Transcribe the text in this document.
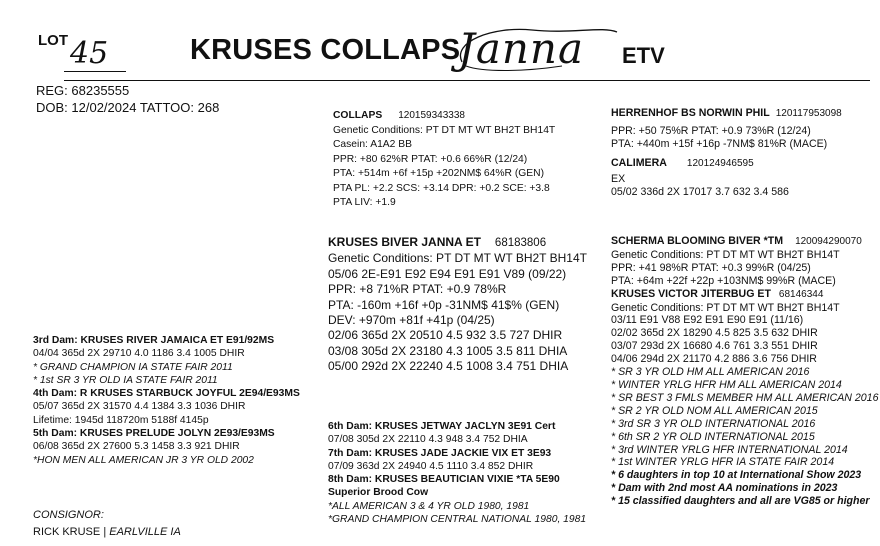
LOT 45	KRUSES COLLAPS
Janna ETV
REG: 68235555
DOB: 12/02/2024 TATTOO: 268
COLLAPS 120159343338
Genetic Conditions: PT DT MT WT BH2T BH14T
Casein: A1A2 BB
PPR: +80 62%R PTAT: +0.6 66%R (12/24)
PTA: +514m +6f +15p +202NM$ 64%R (GEN)
PTA PL: +2.2 SCS: +3.14 DPR: +0.2 SCE: +3.8
PTA LIV: +1.9
KRUSES BIVER JANNA ET 68183806
Genetic Conditions: PT DT MT WT BH2T BH14T
05/06 2E-E91 E92 E94 E91 E91 V89 (09/22)
PPR: +8 71%R PTAT: +0.9 78%R
PTA: -160m +16f +0p -31NM$ 41$% (GEN)
DEV: +970m +81f +41p (04/25)
02/06 365d 2X 20510 4.5 932 3.5 727 DHIR
03/08 305d 2X 23180 4.3 1005 3.5 811 DHIA
05/00 292d 2X 22240 4.5 1008 3.4 751 DHIA
HERRENHOF BS NORWIN PHIL 120117953098
PPR: +50 75%R PTAT: +0.9 73%R (12/24)
PTA: +440m +15f +16p -7NM$ 81%R (MACE)
CALIMERA 120124946595
EX
05/02 336d 2X 17017 3.7 632 3.4 586
SCHERMA BLOOMING BIVER *TM 120094290070
Genetic Conditions: PT DT MT WT BH2T BH14T
PPR: +41 98%R PTAT: +0.3 99%R (04/25)
PTA: +64m +22f +22p +103NM$ 99%R (MACE)
KRUSES VICTOR JITERBUG ET 68146344
Genetic Conditions: PT DT MT WT BH2T BH14T
03/11 E91 V88 E92 E91 E90 E91 (11/16)
02/02 365d 2X 18290 4.5 825 3.5 632 DHIR
03/07 293d 2X 16680 4.6 761 3.3 551 DHIR
04/06 294d 2X 21170 4.2 886 3.6 756 DHIR
* SR 3 YR OLD HM ALL AMERICAN 2016
* WINTER YRLG HFR HM ALL AMERICAN 2014
* SR BEST 3 FMLS MEMBER HM ALL AMERICAN 2016
* SR 2 YR OLD NOM ALL AMERICAN 2015
* 3rd SR 3 YR OLD INTERNATIONAL 2016
* 6th SR 2 YR OLD INTERNATIONAL 2015
* 3rd WINTER YRLG HFR INTERNATIONAL 2014
* 1st WINTER YRLG HFR IA STATE FAIR 2014
* 6 daughters in top 10 at International Show 2023
* Dam with 2nd most AA nominations in 2023
* 15 classified daughters and all are VG85 or higher
3rd Dam: KRUSES RIVER JAMAICA ET E91/92MS
04/04 365d 2X 29710 4.0 1186 3.4 1005 DHIR
* GRAND CHAMPION IA STATE FAIR 2011
* 1st SR 3 YR OLD IA STATE FAIR 2011
4th Dam: R KRUSES STARBUCK JOYFUL 2E94/E93MS
05/07 365d 2X 31570 4.4 1384 3.3 1036 DHIR
Lifetime: 1945d 118720m 5188f 4145p
5th Dam: KRUSES PRELUDE JOLYN 2E93/E93MS
06/08 365d 2X 27600 5.3 1458 3.3 921 DHIR
*HON MEN ALL AMERICAN JR 3 YR OLD 2002
6th Dam: KRUSES JETWAY JACLYN 3E91 Cert
07/08 305d 2X 22110 4.3 948 3.4 752 DHIA
7th Dam: KRUSES JADE JACKIE VIX ET 3E93
07/09 363d 2X 24940 4.5 1110 3.4 852 DHIR
8th Dam: KRUSES BEAUTICIAN VIXIE *TA 5E90
Superior Brood Cow
*ALL AMERICAN 3 & 4 YR OLD 1980, 1981
*GRAND CHAMPION CENTRAL NATIONAL 1980, 1981
CONSIGNOR:
RICK KRUSE | EARLVILLE IA
